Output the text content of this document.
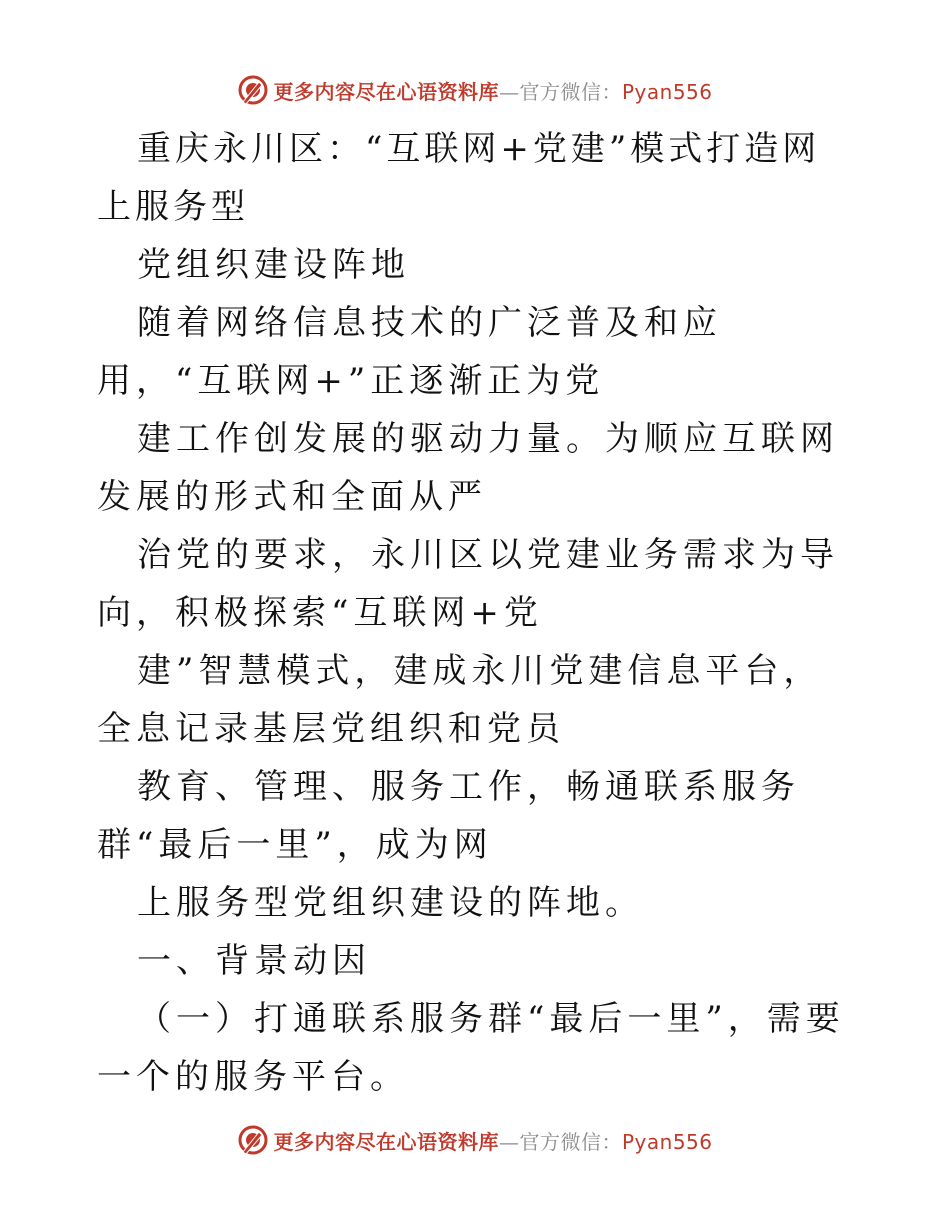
更多内容尽在心语资料库—官方微信：Pyan556

重庆永川区：“互联网+党建”模式打造网上服务型

党组织建设阵地

随着网络信息技术的广泛普及和应用，“互联网+”正逐渐正为党

建工作创发展的驱动力量。为顺应互联网发展的形式和全面从严

治党的要求，永川区以党建业务需求为导向，积极探索“互联网+党

建”智慧模式，建成永川党建信息平台，全息记录基层党组织和党员

教育、管理、服务工作，畅通联系服务群“最后一里”，成为网

上服务型党组织建设的阵地。

一、背景动因

（一）打通联系服务群“最后一里”，需要一个的服务平台。

更多内容尽在心语资料库—官方微信：Pyan556
